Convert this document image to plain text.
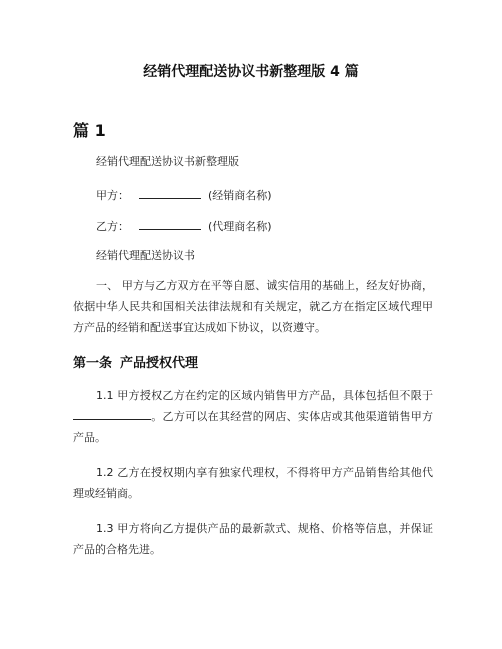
经销代理配送协议书新整理版 4 篇
篇 1
经销代理配送协议书新整理版
甲方：	(经销商名称)
乙方：	(代理商名称)
经销代理配送协议书
一、 甲方与乙方双方在平等自愿、诚实信用的基础上，经友好协商，依据中华人民共和国相关法律法规和有关规定，就乙方在指定区域代理甲方产品的经销和配送事宜达成如下协议，以资遵守。
第一条 产品授权代理
1.1 甲方授权乙方在约定的区域内销售甲方产品，具体包括但不限于。乙方可以在其经营的网店、实体店或其他渠道销售甲方产品。
1.2 乙方在授权期内享有独家代理权，不得将甲方产品销售给其他代理或经销商。
1.3 甲方将向乙方提供产品的最新款式、规格、价格等信息，并保证产品的合格先进。
